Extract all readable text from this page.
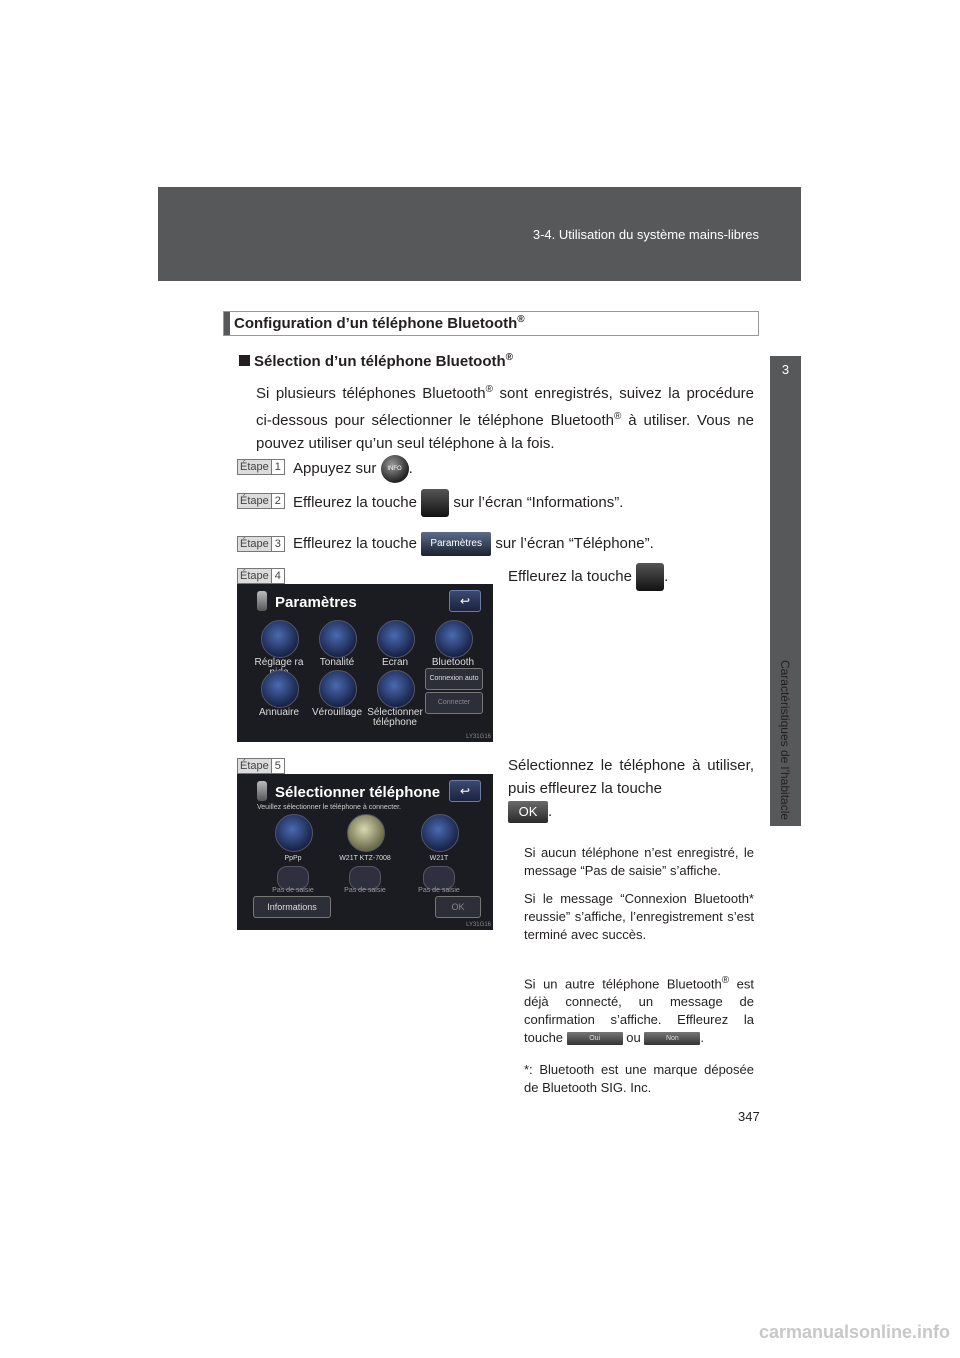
3-4. Utilisation du système mains-libres
3
Caractéristiques de l’habitacle
Configuration d’un téléphone Bluetooth®
Sélection d’un téléphone Bluetooth®
Si plusieurs téléphones Bluetooth® sont enregistrés, suivez la procédure ci-dessous pour sélectionner le téléphone Bluetooth® à utiliser. Vous ne pouvez utiliser qu’un seul téléphone à la fois.
Étape 1 Appuyez sur INFO .
Étape 2 Effleurez la touche sur l’écran “Informations”.
Étape 3 Effleurez la touche Paramètres sur l’écran “Téléphone”.
Étape 4	Effleurez la touche .
Paramètres	↩
Réglage ra	Tonalité	Ecran	Bluetooth
Annuaire	Vérouillage Sélectionner téléphone
Connexion auto
Connecter
LY31G16
Étape 5
Sélectionner téléphone	↩
Veuillez sélectionner le téléphone à connecter.
PpPp	W21T KTZ-7008	W21T
Pas de saisie	Pas de saisie	Pas de saisie
Informations	OK
LY31G16
Sélectionnez le téléphone à utiliser, puis effleurez la touche
OK .
Si aucun téléphone n’est enregistré, le message “Pas de saisie” s’affiche.
Si le message “Connexion Bluetooth* reussie” s’affiche, l’enregistrement s’est terminé avec succès.
Si un autre téléphone Bluetooth® est déjà connecté, un message de confirmation s’affiche. Effleurez la touche	Oui ou	Non .
*: Bluetooth est une marque déposée de Bluetooth SIG. Inc.
347
carmanualsonline.info
